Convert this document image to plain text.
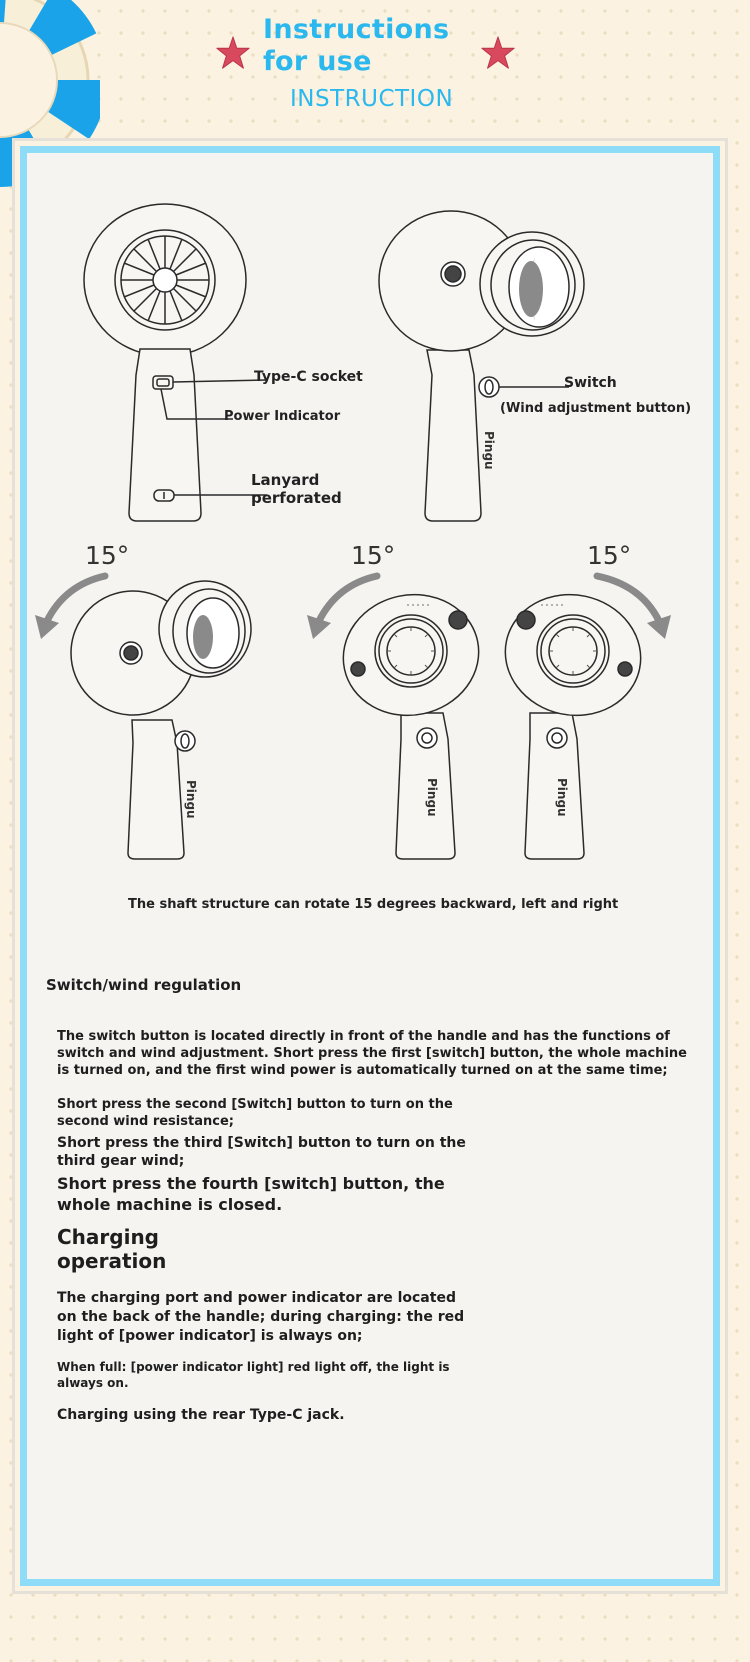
Instructions for use
INSTRUCTION
Pingu
Pingu	Pingu	Pingu
Type-C socket
Power Indicator
Lanyard
perforated
Switch
(Wind adjustment button)
15°	15°	15°
The shaft structure can rotate 15 degrees backward, left and right
Switch/wind regulation
The switch button is located directly in front of the handle and has the functions of
switch and wind adjustment. Short press the first [switch] button, the whole machine
is turned on, and the first wind power is automatically turned on at the same time;
Short press the second [Switch] button to turn on the
second wind resistance;
Short press the third [Switch] button to turn on the
third gear wind;
Short press the fourth [switch] button, the
whole machine is closed.
Charging
operation
The charging port and power indicator are located
on the back of the handle; during charging: the red
light of [power indicator] is always on;
When full: [power indicator light] red light off, the light is
always on.
Charging using the rear Type-C jack.
